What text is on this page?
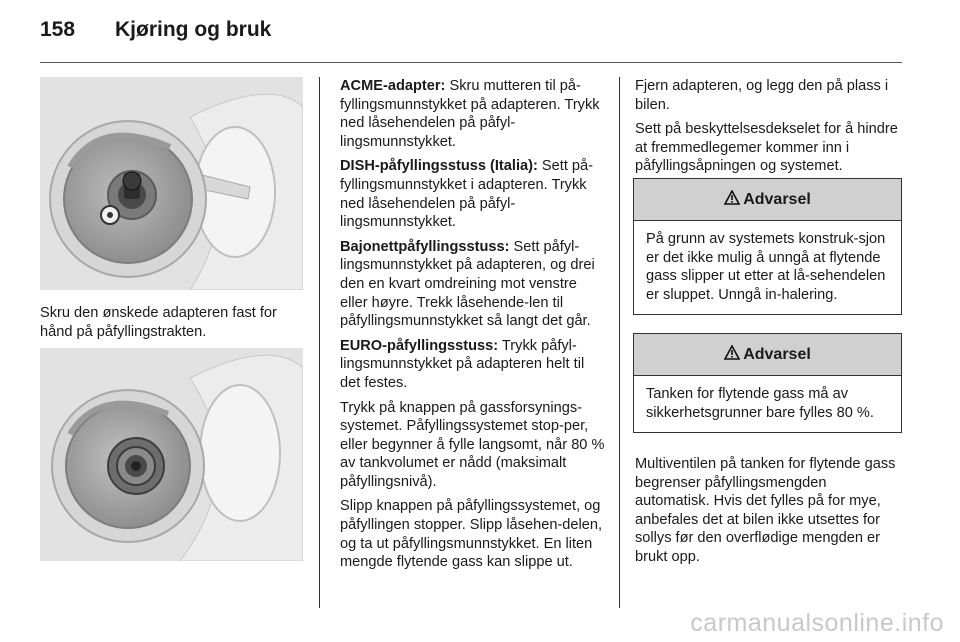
158 Kjøring og bruk

Skru den ønskede adapteren fast for hånd på påfyllingstrakten.

ACME-adapter: Skru mutteren til på-fyllingsmunnstykket på adapteren. Trykk ned låsehendelen på påfyl-lingsmunnstykket.

DISH-påfyllingsstuss (Italia): Sett på-fyllingsmunnstykket i adapteren. Trykk ned låsehendelen på påfyl-lingsmunnstykket.

Bajonettpåfyllingsstuss: Sett påfyl-lingsmunnstykket på adapteren, og drei den en kvart omdreining mot venstre eller høyre. Trekk låsehende-len til påfyllingsmunnstykket så langt det går.

EURO-påfyllingsstuss: Trykk påfyl-lingsmunnstykket på adapteren helt til det festes.

Trykk på knappen på gassforsynings-systemet. Påfyllingssystemet stop-per, eller begynner å fylle langsomt, når 80 % av tankvolumet er nådd (maksimalt påfyllingsnivå).

Slipp knappen på påfyllingssystemet, og påfyllingen stopper. Slipp låsehen-delen, og ta ut påfyllingsmunnstykket. En liten mengde flytende gass kan slippe ut.

Fjern adapteren, og legg den på plass i bilen.

Sett på beskyttelsesdekselet for å hindre at fremmedlegemer kommer inn i påfyllingsåpningen og systemet.

Advarsel
På grunn av systemets konstruk-sjon er det ikke mulig å unngå at flytende gass slipper ut etter at lå-sehendelen er sluppet. Unngå in-halering.
Advarsel
Tanken for flytende gass må av sikkerhetsgrunner bare fylles 80 %.

Multiventilen på tanken for flytende gass begrenser påfyllingsmengden automatisk. Hvis det fylles på for mye, anbefales det at bilen ikke utsettes for sollys før den overflødige mengden er brukt opp.

carmanualsonline.info
